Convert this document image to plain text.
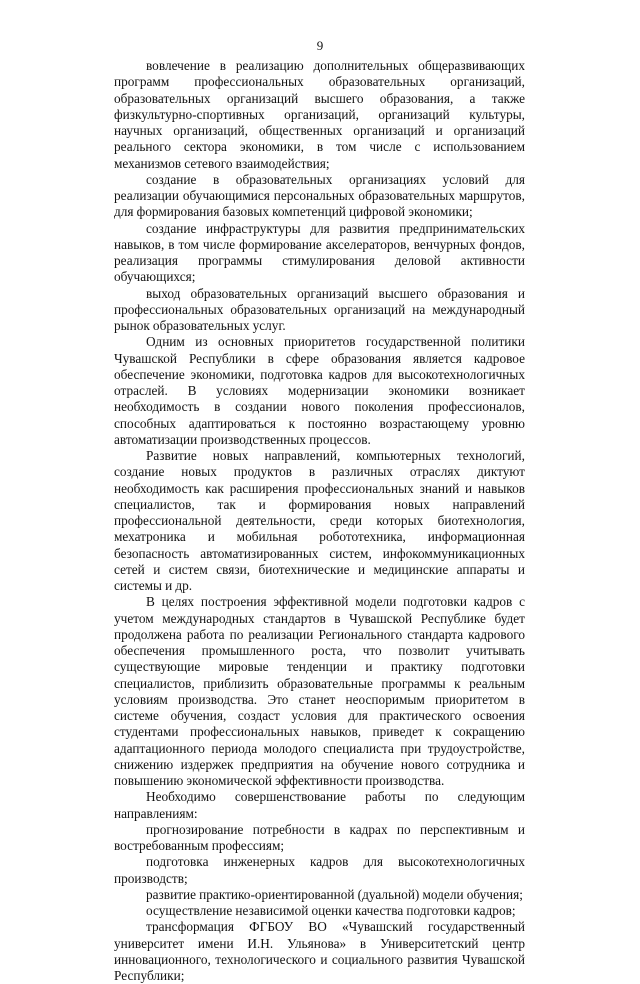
9

вовлечение в реализацию дополнительных общеразвивающих программ профессиональных образовательных организаций, образовательных организаций высшего образования, а также физкультурно-спортивных организаций, организаций культуры, научных организаций, общественных организаций и организаций реального сектора экономики, в том числе с использованием механизмов сетевого взаимодействия;

создание в образовательных организациях условий для реализации обучающимися персональных образовательных маршрутов, для формирования базовых компетенций цифровой экономики;

создание инфраструктуры для развития предпринимательских навыков, в том числе формирование акселераторов, венчурных фондов, реализация программы стимулирования деловой активности обучающихся;

выход образовательных организаций высшего образования и профессиональных образовательных организаций на международный рынок образовательных услуг.

Одним из основных приоритетов государственной политики Чувашской Республики в сфере образования является кадровое обеспечение экономики, подготовка кадров для высокотехнологичных отраслей. В условиях модернизации экономики возникает необходимость в создании нового поколения профессионалов, способных адаптироваться к постоянно возрастающему уровню автоматизации производственных процессов.

Развитие новых направлений, компьютерных технологий, создание новых продуктов в различных отраслях диктуют необходимость как расширения профессиональных знаний и навыков специалистов, так и формирования новых направлений профессиональной деятельности, среди которых биотехнология, мехатроника и мобильная робототехника, информационная безопасность автоматизированных систем, инфокоммуникационных сетей и систем связи, биотехнические и медицинские аппараты и системы и др.

В целях построения эффективной модели подготовки кадров с учетом международных стандартов в Чувашской Республике будет продолжена работа по реализации Регионального стандарта кадрового обеспечения промышленного роста, что позволит учитывать существующие мировые тенденции и практику подготовки специалистов, приблизить образовательные программы к реальным условиям производства. Это станет неоспоримым приоритетом в системе обучения, создаст условия для практического освоения студентами профессиональных навыков, приведет к сокращению адаптационного периода молодого специалиста при трудоустройстве, снижению издержек предприятия на обучение нового сотрудника и повышению экономической эффективности производства.

Необходимо совершенствование работы по следующим направлениям:

прогнозирование потребности в кадрах по перспективным и востребованным профессиям;

подготовка инженерных кадров для высокотехнологичных производств;

развитие практико-ориентированной (дуальной) модели обучения;

осуществление независимой оценки качества подготовки кадров;

трансформация ФГБОУ ВО «Чувашский государственный университет имени И.Н. Ульянова» в Университетский центр инновационного, технологического и социального развития Чувашской Республики;
